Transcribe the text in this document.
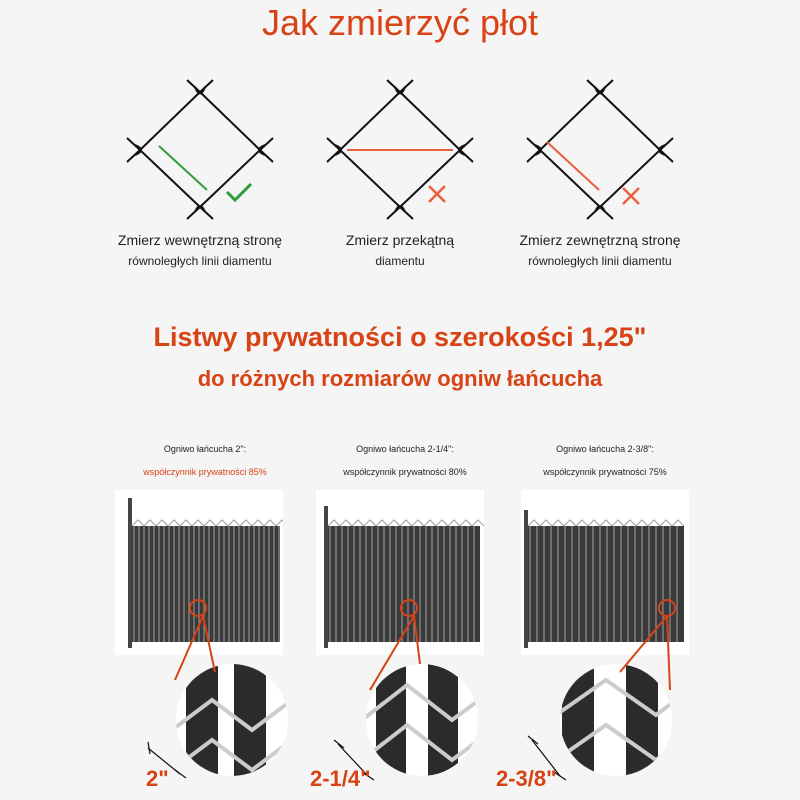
Jak zmierzyć płot
Zmierz wewnętrzną stronę
równoległych linii diamentu
Zmierz przekątną
diamentu
Zmierz zewnętrzną stronę
równoległych linii diamentu
Listwy prywatności o szerokości 1,25"
do różnych rozmiarów ogniw łańcucha
Ogniwo łańcucha 2":
współczynnik prywatności 85%
Ogniwo łańcucha 2-1/4":
współczynnik prywatności 80%
Ogniwo łańcucha 2-3/8":
współczynnik prywatności 75%
2"	2-1/4"	2-3/8"
